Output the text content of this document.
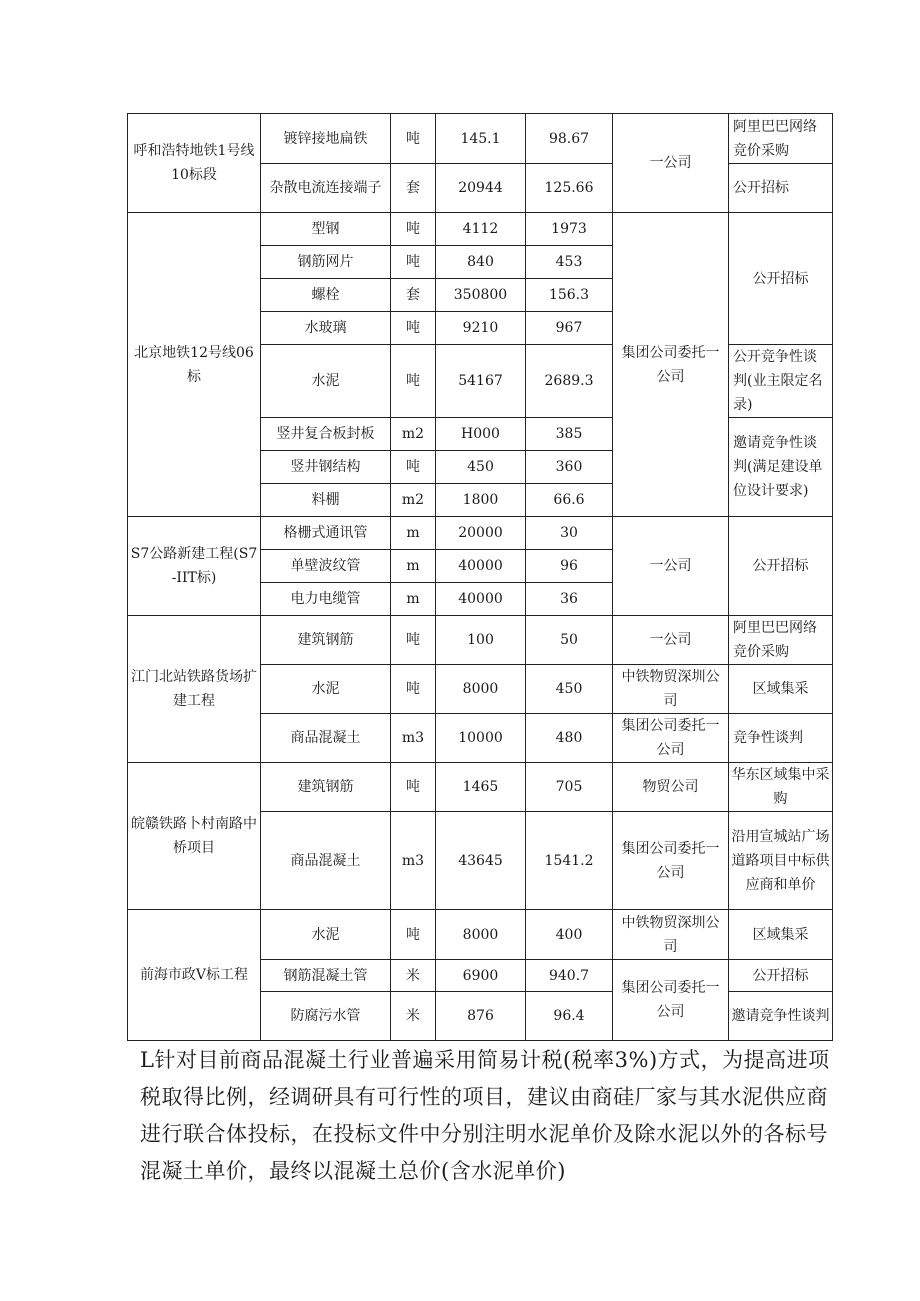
呼和浩特地铁1号线10标段	镀锌接地扁铁	吨	145.1	98.67	一公司	阿里巴巴网络竞价采购
	杂散电流连接端子	套	20944	125.66		公开招标
北京地铁12号线06标	型钢	吨	4112	1973	集团公司委托一公司	公开招标
	钢筋网片	吨	840	453		
	螺栓	套	350800	156.3		
	水玻璃	吨	9210	967		
	水泥	吨	54167	2689.3		公开竞争性谈判(业主限定名录)
	竖井复合板封板	m2	H000	385		邀请竞争性谈判(满足建设单位设计要求)
	竖井钢结构	吨	450	360		
	料棚	m2	1800	66.6		
S7公路新建工程(S7-IIT标)	格栅式通讯管	m	20000	30	一公司	公开招标
	单壁波纹管	m	40000	96		
	电力电缆管	m	40000	36		
江门北站铁路货场扩建工程	建筑钢筋	吨	100	50	一公司	阿里巴巴网络竞价采购
	水泥	吨	8000	450	中铁物贸深圳公司	区域集采
	商品混凝土	m3	10000	480	集团公司委托一公司	竞争性谈判
皖赣铁路卜村南路中桥项目	建筑钢筋	吨	1465	705	物贸公司	华东区域集中采购
	商品混凝土	m3	43645	1541.2	集团公司委托一公司	沿用宣城站广场道路项目中标供应商和单价
前海市政V标工程	水泥	吨	8000	400	中铁物贸深圳公司	区域集采
	钢筋混凝土管	米	6900	940.7	集团公司委托一公司	公开招标
	防腐污水管	米	876	96.4		邀请竞争性谈判

L针对目前商品混凝土行业普遍采用简易计税(税率3%)方式，为提高进项税取得比例，经调研具有可行性的项目，建议由商硅厂家与其水泥供应商进行联合体投标，在投标文件中分别注明水泥单价及除水泥以外的各标号混凝土单价，最终以混凝土总价(含水泥单价)
